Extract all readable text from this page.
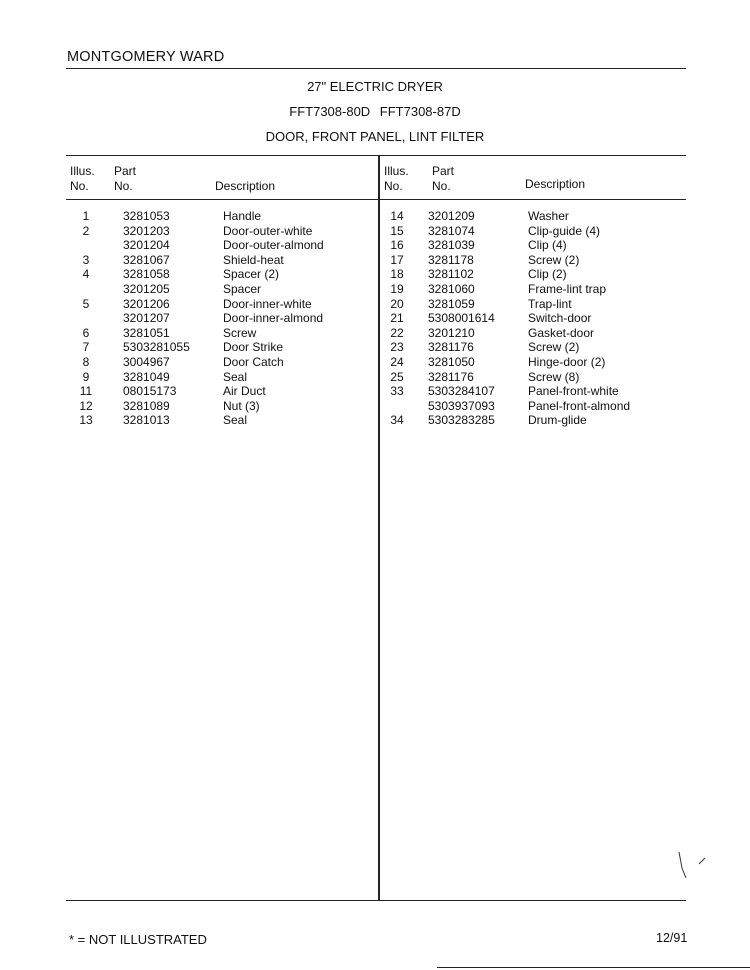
MONTGOMERY WARD
27" ELECTRIC DRYER
FFT7308-80D FFT7308-87D
DOOR, FRONT PANEL, LINT FILTER
Illus.
No.
Part
No.	Description
Illus.
No.
Part
No.	Description
1	3281053	Handle
2	3201203	Door-outer-white
3201204	Door-outer-almond
3	3281067	Shield-heat
4	3281058	Spacer (2)
3201205	Spacer
5	3201206	Door-inner-white
3201207	Door-inner-almond
6	3281051	Screw
7	5303281055	Door Strike
8	3004967	Door Catch
9	3281049	Seal
11	08015173	Air Duct
12	3281089	Nut (3)
13	3281013	Seal
14	3201209	Washer
15	3281074	Clip-guide (4)
16	3281039	Clip (4)
17	3281178	Screw (2)
18	3281102	Clip (2)
19	3281060	Frame-lint trap
20	3281059	Trap-lint
21	5308001614	Switch-door
22	3201210	Gasket-door
23	3281176	Screw (2)
24	3281050	Hinge-door (2)
25	3281176	Screw (8)
33	5303284107	Panel-front-white
5303937093	Panel-front-almond
34	5303283285	Drum-glide
* = NOT ILLUSTRATED	12/91
